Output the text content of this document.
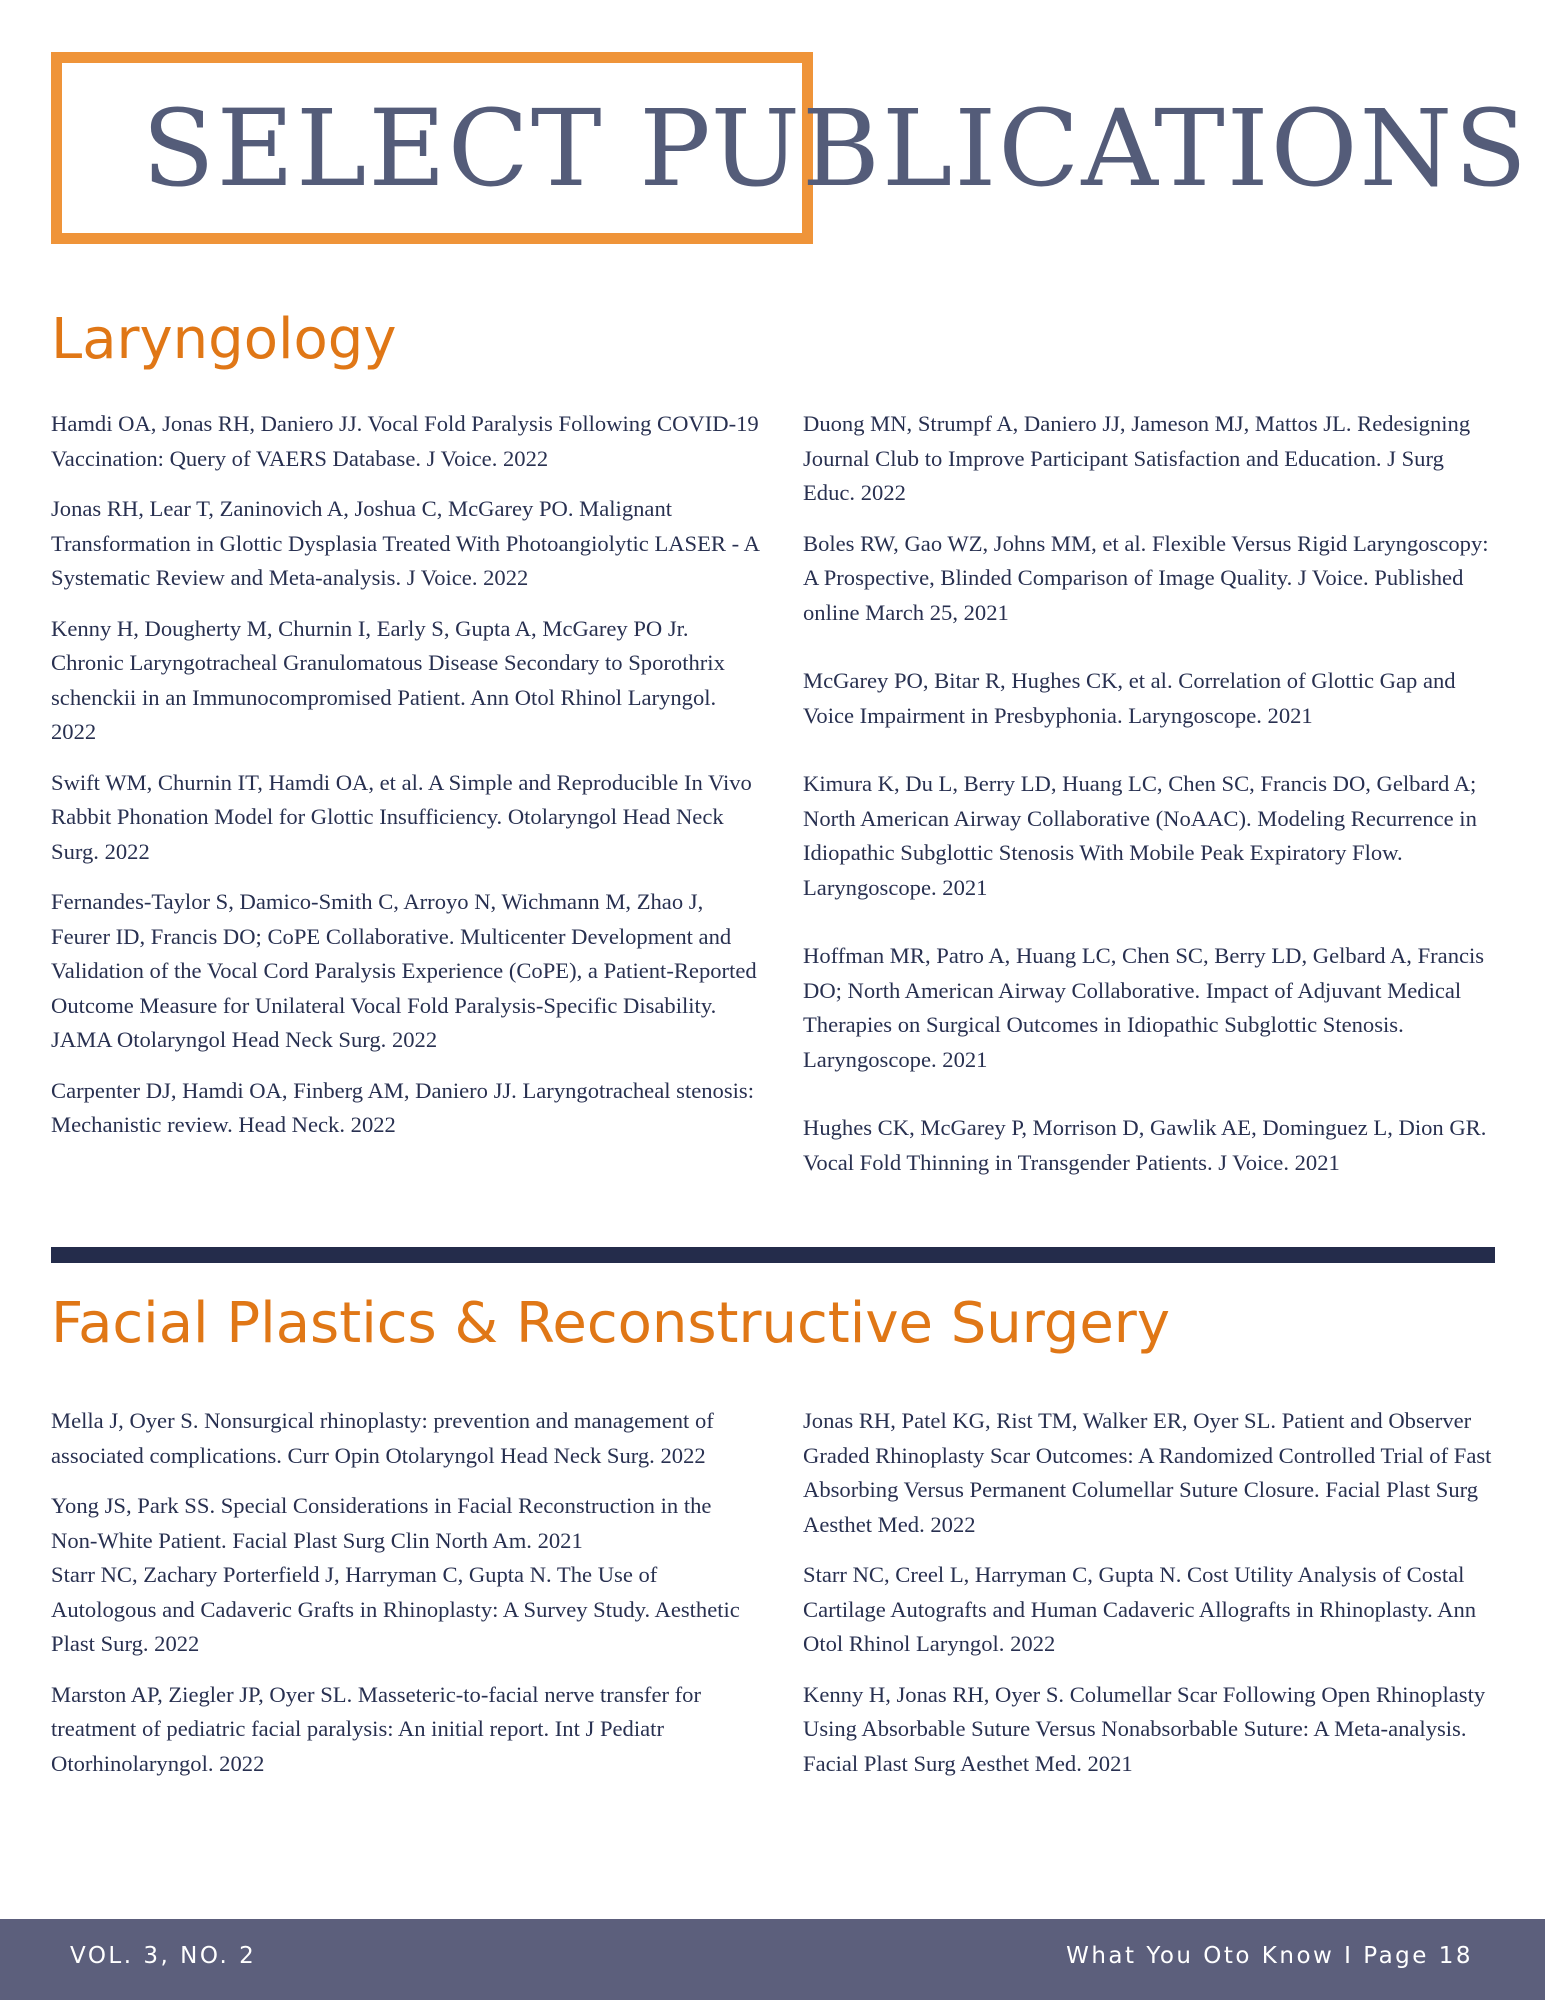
SELECT PUBLICATIONS
Laryngology

Hamdi OA, Jonas RH, Daniero JJ. Vocal Fold Paralysis Following COVID-19 Vaccination: Query of VAERS Database. J Voice. 2022

Jonas RH, Lear T, Zaninovich A, Joshua C, McGarey PO. Malignant Transformation in Glottic Dysplasia Treated With Photoangiolytic LASER - A Systematic Review and Meta-analysis. J Voice. 2022

Kenny H, Dougherty M, Churnin I, Early S, Gupta A, McGarey PO Jr. Chronic Laryngotracheal Granulomatous Disease Secondary to Sporothrix schenckii in an Immunocompromised Patient. Ann Otol Rhinol Laryngol. 2022

Swift WM, Churnin IT, Hamdi OA, et al. A Simple and Reproducible In Vivo Rabbit Phonation Model for Glottic Insufficiency. Otolaryngol Head Neck Surg. 2022

Fernandes-Taylor S, Damico-Smith C, Arroyo N, Wichmann M, Zhao J, Feurer ID, Francis DO; CoPE Collaborative. Multicenter Development and Validation of the Vocal Cord Paralysis Experience (CoPE), a Patient-Reported Outcome Measure for Unilateral Vocal Fold Paralysis-Specific Disability. JAMA Otolaryngol Head Neck Surg. 2022

Carpenter DJ, Hamdi OA, Finberg AM, Daniero JJ. Laryngotracheal stenosis: Mechanistic review. Head Neck. 2022

Duong MN, Strumpf A, Daniero JJ, Jameson MJ, Mattos JL. Redesigning Journal Club to Improve Participant Satisfaction and Education. J Surg Educ. 2022

Boles RW, Gao WZ, Johns MM, et al. Flexible Versus Rigid Laryngoscopy: A Prospective, Blinded Comparison of Image Quality. J Voice. Published online March 25, 2021

McGarey PO, Bitar R, Hughes CK, et al. Correlation of Glottic Gap and Voice Impairment in Presbyphonia. Laryngoscope. 2021

Kimura K, Du L, Berry LD, Huang LC, Chen SC, Francis DO, Gelbard A; North American Airway Collaborative (NoAAC). Modeling Recurrence in Idiopathic Subglottic Stenosis With Mobile Peak Expiratory Flow. Laryngoscope. 2021

Hoffman MR, Patro A, Huang LC, Chen SC, Berry LD, Gelbard A, Francis DO; North American Airway Collaborative. Impact of Adjuvant Medical Therapies on Surgical Outcomes in Idiopathic Subglottic Stenosis. Laryngoscope. 2021

Hughes CK, McGarey P, Morrison D, Gawlik AE, Dominguez L, Dion GR. Vocal Fold Thinning in Transgender Patients. J Voice. 2021

Facial Plastics & Reconstructive Surgery

Mella J, Oyer S. Nonsurgical rhinoplasty: prevention and management of associated complications. Curr Opin Otolaryngol Head Neck Surg. 2022

Yong JS, Park SS. Special Considerations in Facial Reconstruction in the Non-White Patient. Facial Plast Surg Clin North Am. 2021

Starr NC, Zachary Porterfield J, Harryman C, Gupta N. The Use of Autologous and Cadaveric Grafts in Rhinoplasty: A Survey Study. Aesthetic Plast Surg. 2022

Marston AP, Ziegler JP, Oyer SL. Masseteric-to-facial nerve transfer for treatment of pediatric facial paralysis: An initial report. Int J Pediatr Otorhinolaryngol. 2022

Jonas RH, Patel KG, Rist TM, Walker ER, Oyer SL. Patient and Observer Graded Rhinoplasty Scar Outcomes: A Randomized Controlled Trial of Fast Absorbing Versus Permanent Columellar Suture Closure. Facial Plast Surg Aesthet Med. 2022

Starr NC, Creel L, Harryman C, Gupta N. Cost Utility Analysis of Costal Cartilage Autografts and Human Cadaveric Allografts in Rhinoplasty. Ann Otol Rhinol Laryngol. 2022

Kenny H, Jonas RH, Oyer S. Columellar Scar Following Open Rhinoplasty Using Absorbable Suture Versus Nonabsorbable Suture: A Meta-analysis. Facial Plast Surg Aesthet Med. 2021

VOL. 3, NO. 2	What You Oto Know I Page 18
